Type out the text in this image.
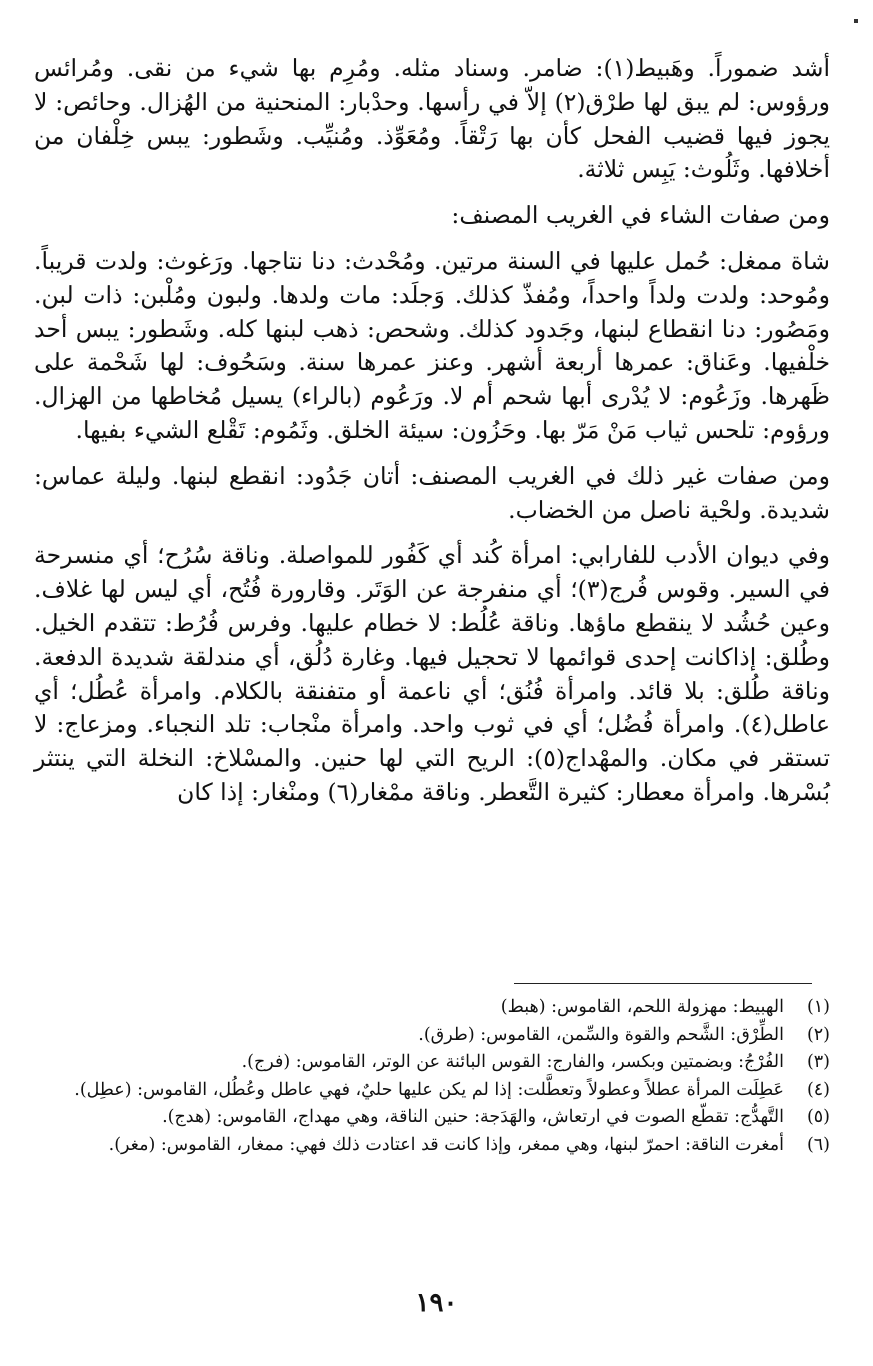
أشد ضموراً. وهَبيط(١): ضامر. وسناد مثله. ومُرِم بها شيء من نقى. ومُرائس ورؤوس: لم يبق لها طرْق(٢) إلاّ في رأسها. وحدْبار: المنحنية من الهُزال. وحائص: لا يجوز فيها قضيب الفحل كأن بها رَتْقاً. ومُعَوِّذ. ومُنيِّب. وشَطور: يبس خِلْفان من أخلافها. وثَلُوث: يَبِس ثلاثة.

ومن صفات الشاء في الغريب المصنف:

شاة ممغل: حُمل عليها في السنة مرتين. ومُحْدث: دنا نتاجها. ورَغوث: ولدت قريباً. ومُوحد: ولدت ولداً واحداً، ومُفذّ كذلك. وَجلَد: مات ولدها. ولبون ومُلْبن: ذات لبن. ومَصُور: دنا انقطاع لبنها، وجَدود كذلك. وشحص: ذهب لبنها كله. وشَطور: يبس أحد خلْفيها. وعَناق: عمرها أربعة أشهر. وعنز عمرها سنة. وسَحُوف: لها شَحْمة على ظَهرها. وزَعُوم: لا يُدْرى أبها شحم أم لا. ورَعُوم (بالراء) يسيل مُخاطها من الهزال. ورؤوم: تلحس ثياب مَنْ مَرّ بها. وحَزُون: سيئة الخلق. وثَمُوم: تَقْلع الشيء بفيها.

ومن صفات غير ذلك في الغريب المصنف: أتان جَدُود: انقطع لبنها. وليلة عماس: شديدة. ولحْية ناصل من الخضاب.

وفي ديوان الأدب للفارابي: امرأة كُند أي كَفُور للمواصلة. وناقة سُرُح؛ أي منسرحة في السير. وقوس فُرج(٣)؛ أي منفرجة عن الوَتَر. وقارورة فُتُح، أي ليس لها غلاف. وعين حُشُد لا ينقطع ماؤها. وناقة عُلُط: لا خطام عليها. وفرس فُرُط: تتقدم الخيل. وطُلق: إذاكانت إحدى قوائمها لا تحجيل فيها. وغارة دُلُق، أي مندلقة شديدة الدفعة. وناقة طُلق: بلا قائد. وامرأة فُنُق؛ أي ناعمة أو متفنقة بالكلام. وامرأة عُطُل؛ أي عاطل(٤). وامرأة فُضُل؛ أي في ثوب واحد. وامرأة منْجاب: تلد النجباء. ومزعاج: لا تستقر في مكان. والمهْداج(٥): الريح التي لها حنين. والمسْلاخ: النخلة التي ينتثر بُسْرها. وامرأة معطار: كثيرة التَّعطر. وناقة ممْغار(٦) ومنْغار: إذا كان

(١)
الهبيط: مهزولة اللحم، القاموس: (هبط)
(٢)
الطِّرْق: الشَّحم والقوة والسِّمن، القاموس: (طرق).
(٣)
الفُرْجُ: وبضمتين وبكسر، والفارج: القوس البائنة عن الوتر، القاموس: (فرج).
(٤)
عَطِلَت المرأة عطلاً وعطولاً وتعطَّلت: إذا لم يكن عليها حليٌ، فهي عاطل وعُطُل، القاموس: (عطِل).
(٥)
التَّهدُّج: تقطّع الصوت في ارتعاش، والهَدَجة: حنين الناقة، وهي مهداج، القاموس: (هدج).
(٦)
أمغرت الناقة: احمرّ لبنها، وهي ممغر، وإذا كانت قد اعتادت ذلك فهي: ممغار، القاموس: (مغر).
١٩٠
